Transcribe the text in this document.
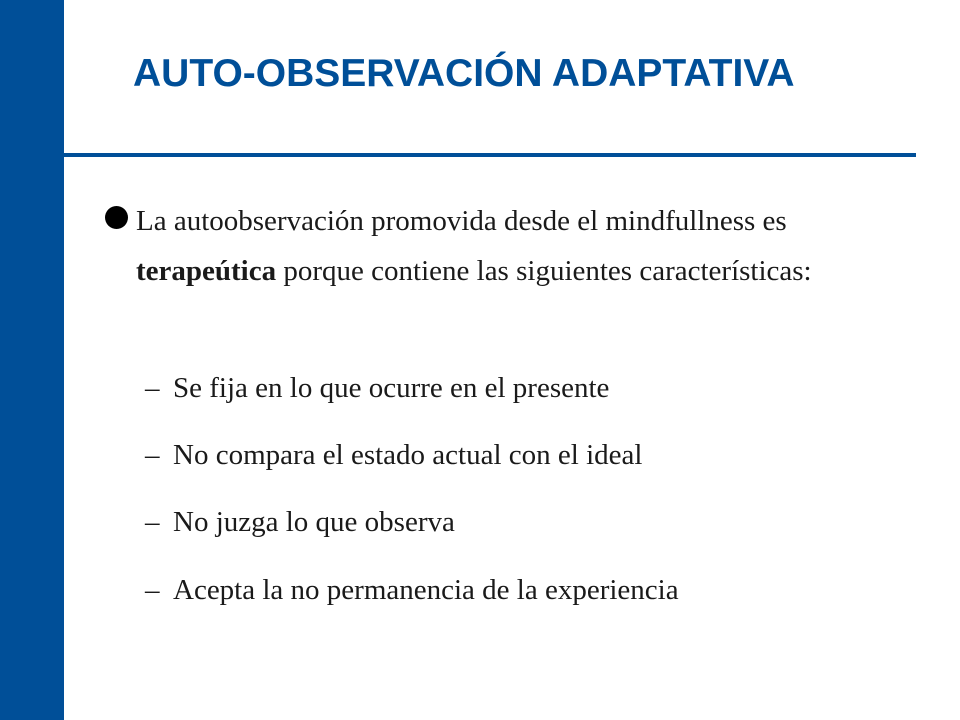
AUTO-OBSERVACIÓN ADAPTATIVA
La autoobservación promovida desde el mindfullness es terapeútica porque contiene las siguientes características:
– Se fija en lo que ocurre en el presente
– No compara el estado actual con el ideal
– No juzga lo que observa
– Acepta la no permanencia de la experiencia
